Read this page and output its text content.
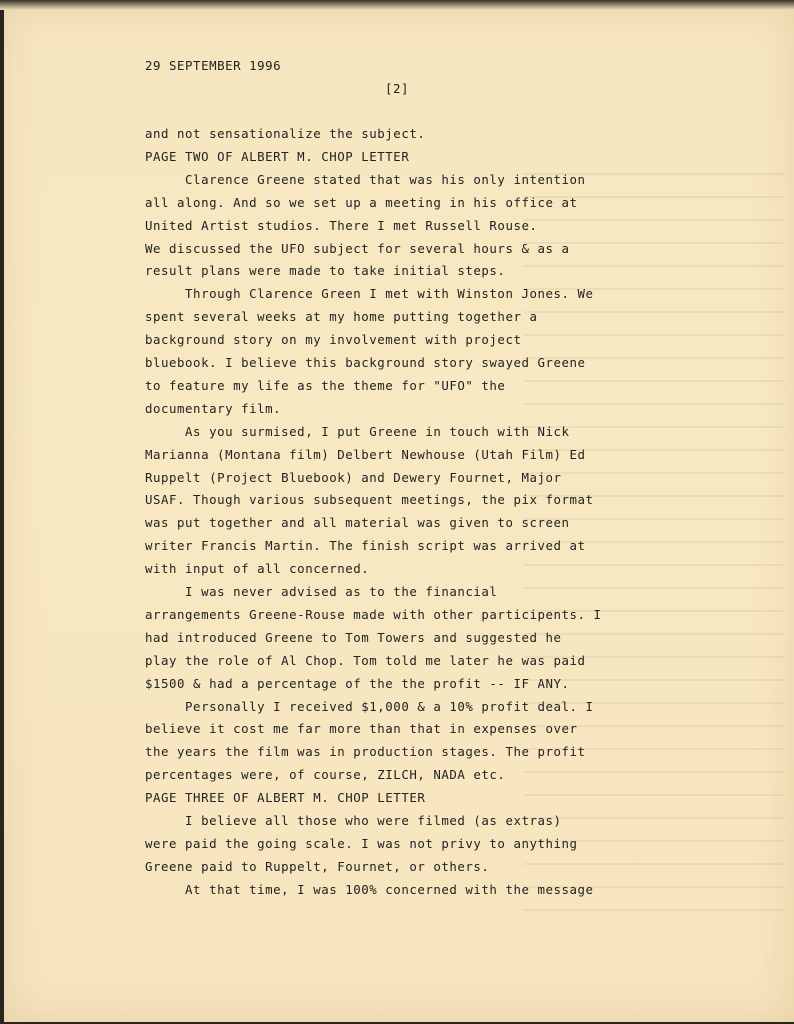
29 SEPTEMBER 1996

[2]

and not sensationalize the subject.
PAGE TWO OF ALBERT M. CHOP LETTER
Clarence Greene stated that was his only intention
all along. And so we set up a meeting in his office at
United Artist studios. There I met Russell Rouse.
We discussed the UFO subject for several hours & as a
result plans were made to take initial steps.
Through Clarence Green I met with Winston Jones. We
spent several weeks at my home putting together a
background story on my involvement with project
bluebook. I believe this background story swayed Greene
to feature my life as the theme for "UFO" the
documentary film.
As you surmised, I put Greene in touch with Nick
Marianna (Montana film) Delbert Newhouse (Utah Film) Ed
Ruppelt (Project Bluebook) and Dewery Fournet, Major
USAF. Though various subsequent meetings, the pix format
was put together and all material was given to screen
writer Francis Martin. The finish script was arrived at
with input of all concerned.
I was never advised as to the financial
arrangements Greene-Rouse made with other participents. I
had introduced Greene to Tom Towers and suggested he
play the role of Al Chop. Tom told me later he was paid
$1500 & had a percentage of the the profit -- IF ANY.
Personally I received $1,000 & a 10% profit deal. I
believe it cost me far more than that in expenses over
the years the film was in production stages. The profit
percentages were, of course, ZILCH, NADA etc.
PAGE THREE OF ALBERT M. CHOP LETTER
I believe all those who were filmed (as extras)
were paid the going scale. I was not privy to anything
Greene paid to Ruppelt, Fournet, or others.
At that time, I was 100% concerned with the message
